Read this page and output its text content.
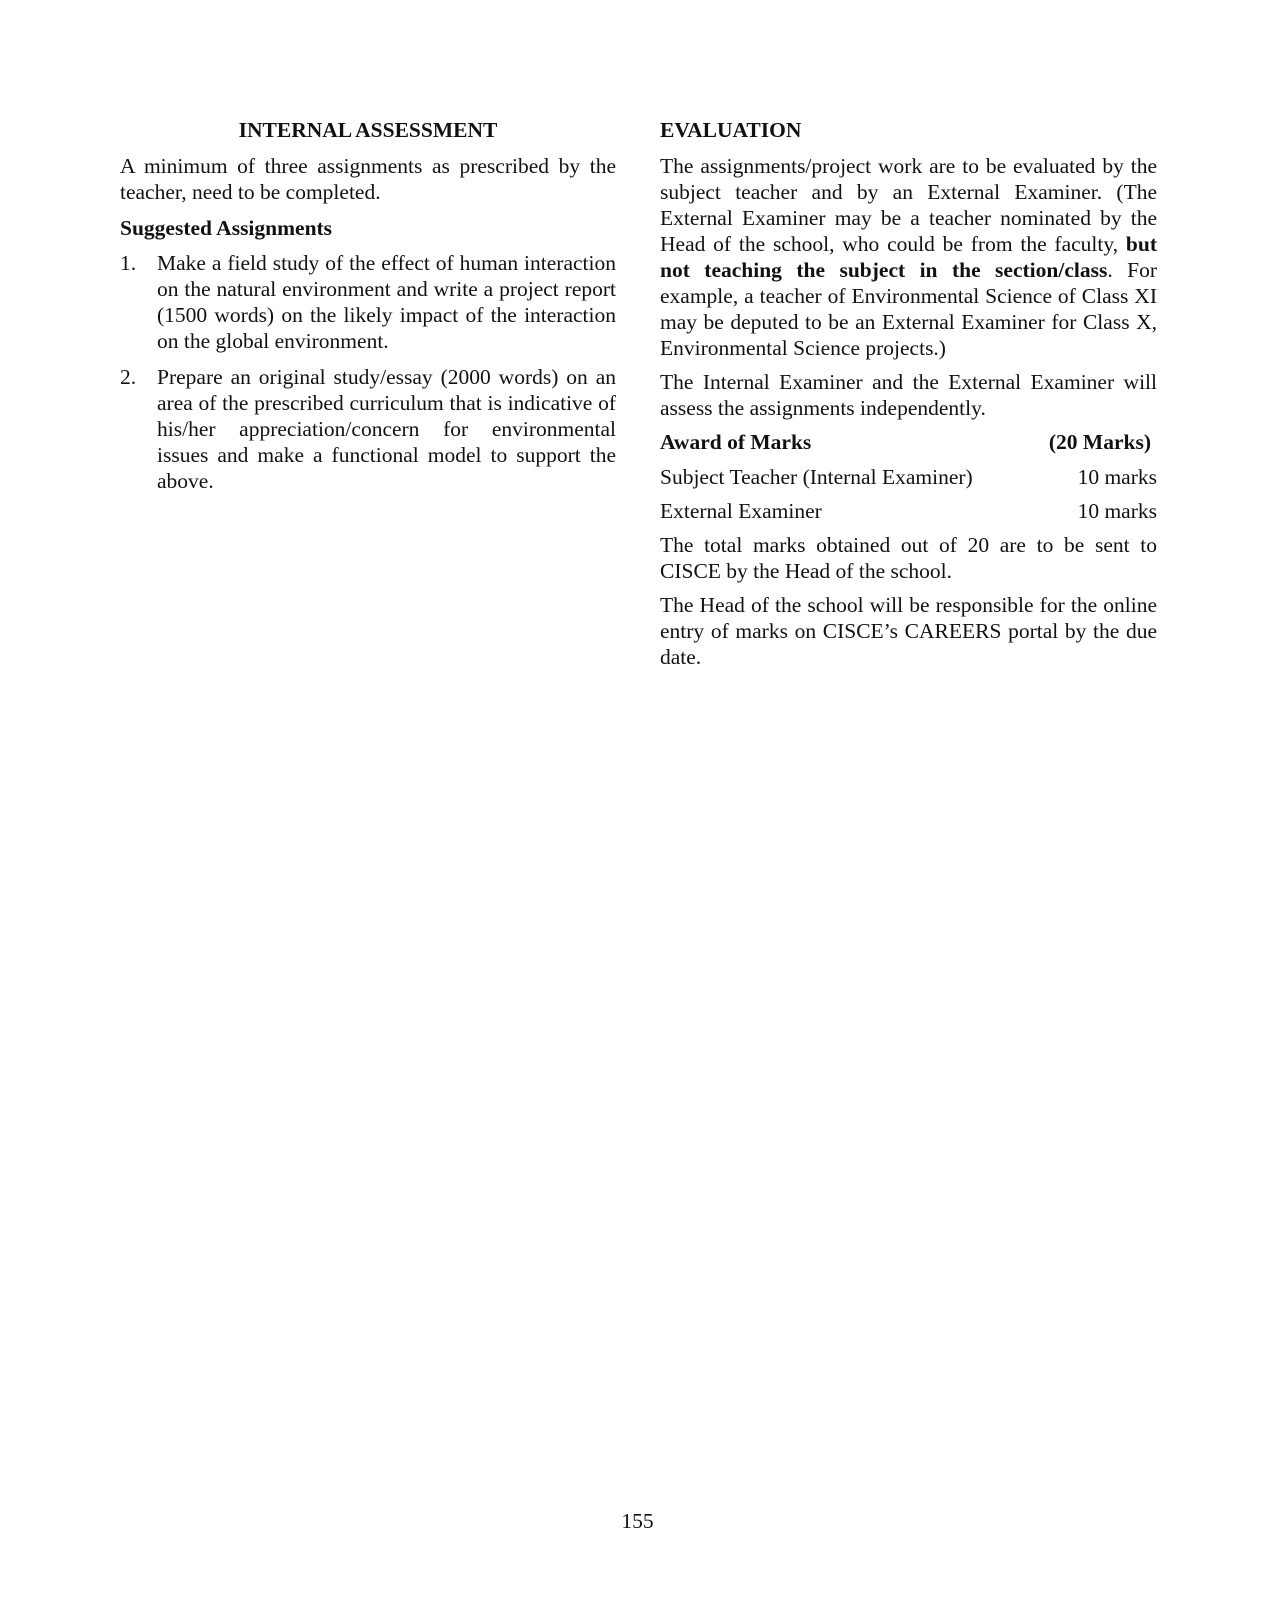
INTERNAL ASSESSMENT

A minimum of three assignments as prescribed by the teacher, need to be completed.

Suggested Assignments
1. Make a field study of the effect of human interaction on the natural environment and write a project report (1500 words) on the likely impact of the interaction on the global environment.
2. Prepare an original study/essay (2000 words) on an area of the prescribed curriculum that is indicative of his/her appreciation/concern for environmental issues and make a functional model to support the above.
EVALUATION

The assignments/project work are to be evaluated by the subject teacher and by an External Examiner. (The External Examiner may be a teacher nominated by the Head of the school, who could be from the faculty, but not teaching the subject in the section/class. For example, a teacher of Environmental Science of Class XI may be deputed to be an External Examiner for Class X, Environmental Science projects.)

The Internal Examiner and the External Examiner will assess the assignments independently.

Award of Marks	(20 Marks)
Subject Teacher (Internal Examiner)	10 marks
External Examiner	10 marks

The total marks obtained out of 20 are to be sent to CISCE by the Head of the school.

The Head of the school will be responsible for the online entry of marks on CISCE’s CAREERS portal by the due date.

155
